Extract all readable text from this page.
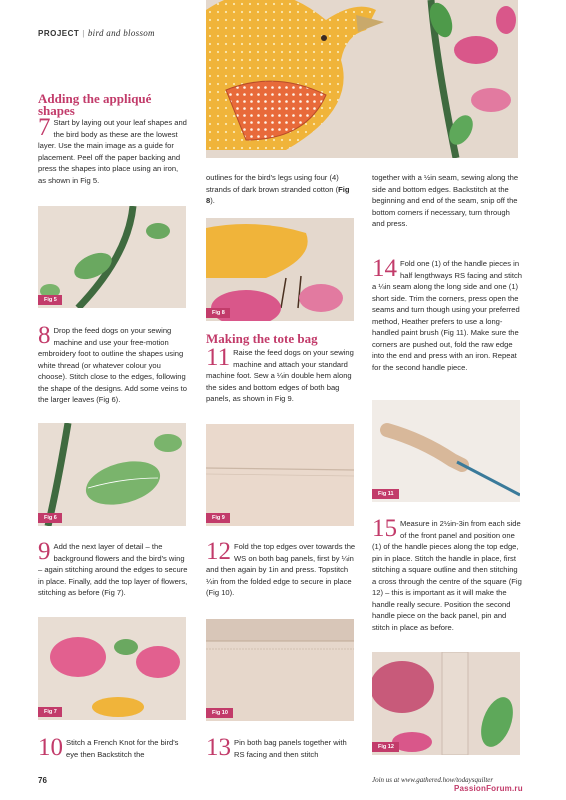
PROJECT | bird and blossom
Adding the appliqué shapes
7 Start by laying out your leaf shapes and the bird body as these are the lowest layer. Use the main image as a guide for placement. Peel off the paper backing and press the shapes into place using an iron, as shown in Fig 5.
Fig 5
8 Drop the feed dogs on your sewing machine and use your free-motion embroidery foot to outline the shapes using white thread (or whatever colour you choose). Stitch close to the edges, following the shape of the designs. Add some veins to the larger leaves (Fig 6).
Fig 6
9 Add the next layer of detail – the background flowers and the bird's wing – again stitching around the edges to secure in place. Finally, add the top layer of flowers, stitching as before (Fig 7).
Fig 7
10 Stitch a French Knot for the bird's eye then Backstitch the
outlines for the bird's legs using four (4) strands of dark brown stranded cotton (Fig 8).
Fig 8
Making the tote bag
11 Raise the feed dogs on your sewing machine and attach your standard machine foot. Sew a ¼in double hem along the sides and bottom edges of both bag panels, as shown in Fig 9.
Fig 9
12 Fold the top edges over towards the WS on both bag panels, first by ¼in and then again by 1in and press. Topstitch ¼in from the folded edge to secure in place (Fig 10).
Fig 10
13 Pin both bag panels together with RS facing and then stitch
together with a ½in seam, sewing along the side and bottom edges. Backstitch at the beginning and end of the seam, snip off the bottom corners if necessary, turn through and press.
14 Fold one (1) of the handle pieces in half lengthways RS facing and stitch a ¼in seam along the long side and one (1) short side. Trim the corners, press open the seams and turn though using your preferred method, Heather prefers to use a long-handled paint brush (Fig 11). Make sure the corners are pushed out, fold the raw edge into the end and press with an iron. Repeat for the second handle piece.
Fig 11
15 Measure in 2½in-3in from each side of the front panel and position one (1) of the handle pieces along the top edge, pin in place. Stitch the handle in place, first stitching a square outline and then stitching a cross through the centre of the square (Fig 12) – this is important as it will make the handle really secure. Position the second handle piece on the back panel, pin and stitch in place as before.
Fig 12
76	Join us at www.gathered.how/todaysquilter
PassionForum.ru
